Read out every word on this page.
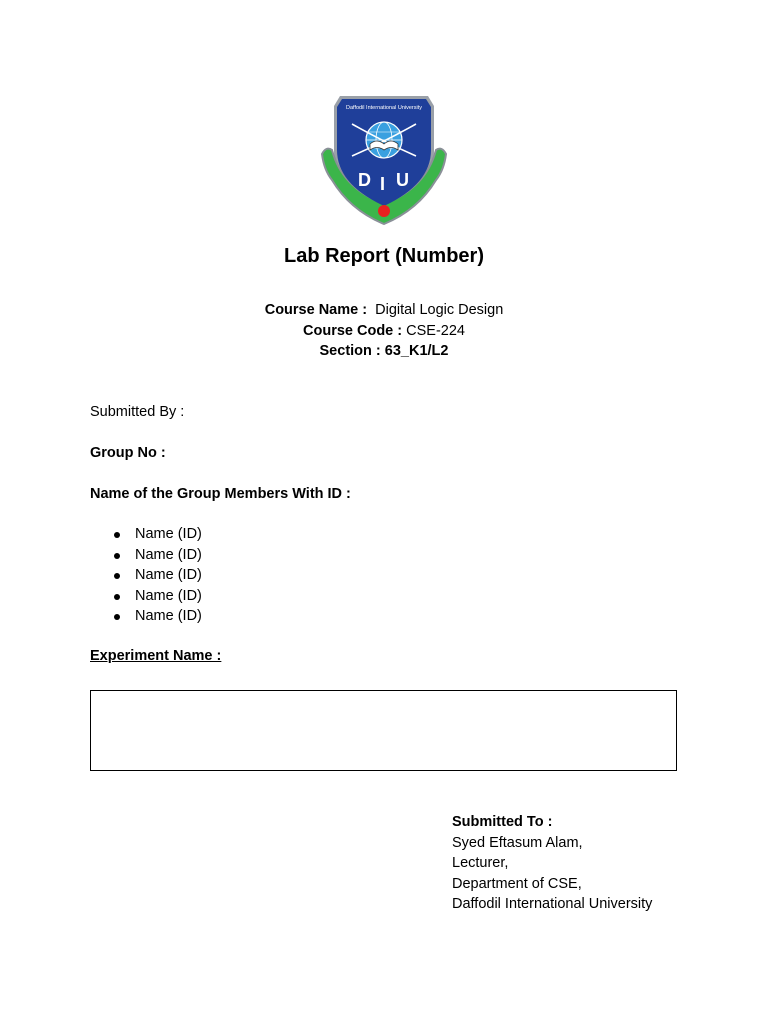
Daffodil International University
D I U
Lab Report (Number)
Course Name : Digital Logic Design
Course Code : CSE-224
Section : 63_K1/L2
Submitted By :
Group No :
Name of the Group Members With ID :
Name (ID)
Name (ID)
Name (ID)
Name (ID)
Name (ID)
Experiment Name :
Submitted To :
Syed Eftasum Alam,
Lecturer,
Department of CSE,
Daffodil International University
